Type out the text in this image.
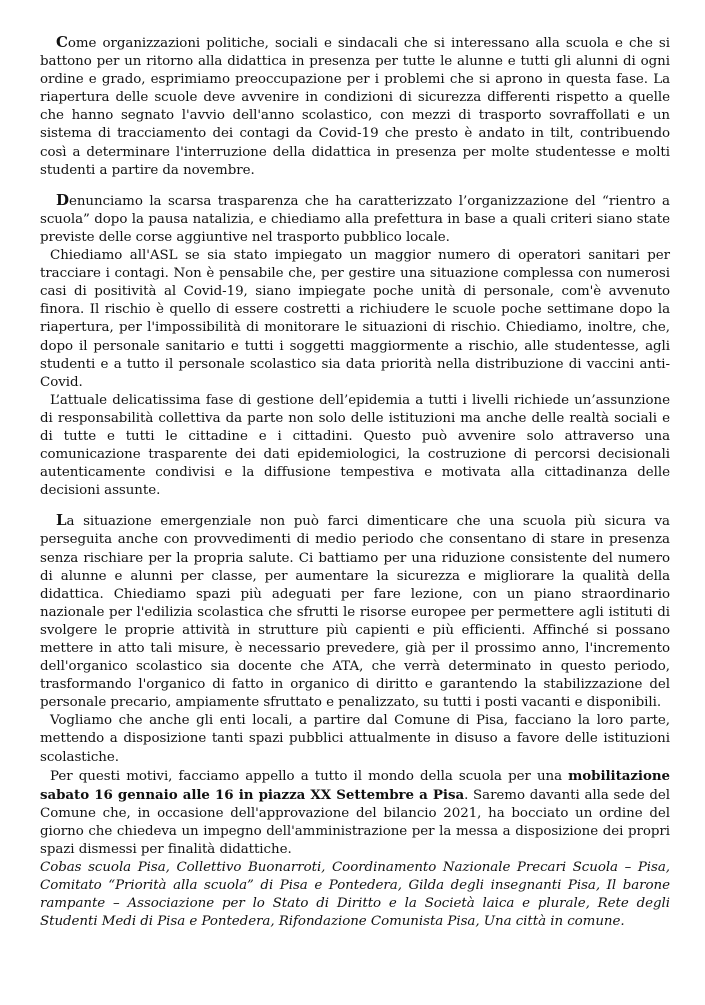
Come organizzazioni politiche, sociali e sindacali che si interessano alla scuola e che si battono per un ritorno alla didattica in presenza per tutte le alunne e tutti gli alunni di ogni ordine e grado, esprimiamo preoccupazione per i problemi che si aprono in questa fase. La riapertura delle scuole deve avvenire in condizioni di sicurezza differenti rispetto a quelle che hanno segnato l'avvio dell'anno scolastico, con mezzi di trasporto sovraffollati e un sistema di tracciamento dei contagi da Covid-19 che presto è andato in tilt, contribuendo così a determinare l'interruzione della didattica in presenza per molte studentesse e molti studenti a partire da novembre.

Denunciamo la scarsa trasparenza che ha caratterizzato l’organizzazione del “rientro a scuola” dopo la pausa natalizia, e chiediamo alla prefettura in base a quali criteri siano state previste delle corse aggiuntive nel trasporto pubblico locale.

Chiediamo all'ASL se sia stato impiegato un maggior numero di operatori sanitari per tracciare i contagi. Non è pensabile che, per gestire una situazione complessa con numerosi casi di positività al Covid-19, siano impiegate poche unità di personale, com'è avvenuto finora. Il rischio è quello di essere costretti a richiudere le scuole poche settimane dopo la riapertura, per l'impossibilità di monitorare le situazioni di rischio. Chiediamo, inoltre, che, dopo il personale sanitario e tutti i soggetti maggiormente a rischio, alle studentesse, agli studenti e a tutto il personale scolastico sia data priorità nella distribuzione di vaccini anti-Covid.

L’attuale delicatissima fase di gestione dell’epidemia a tutti i livelli richiede un’assunzione di responsabilità collettiva da parte non solo delle istituzioni ma anche delle realtà sociali e di tutte e tutti le cittadine e i cittadini. Questo può avvenire solo attraverso una comunicazione trasparente dei dati epidemiologici, la costruzione di percorsi decisionali autenticamente condivisi e la diffusione tempestiva e motivata alla cittadinanza delle decisioni assunte.

La situazione emergenziale non può farci dimenticare che una scuola più sicura va perseguita anche con provvedimenti di medio periodo che consentano di stare in presenza senza rischiare per la propria salute. Ci battiamo per una riduzione consistente del numero di alunne e alunni per classe, per aumentare la sicurezza e migliorare la qualità della didattica. Chiediamo spazi più adeguati per fare lezione, con un piano straordinario nazionale per l'edilizia scolastica che sfrutti le risorse europee per permettere agli istituti di svolgere le proprie attività in strutture più capienti e più efficienti. Affinché si possano mettere in atto tali misure, è necessario prevedere, già per il prossimo anno, l'incremento dell'organico scolastico sia docente che ATA, che verrà determinato in questo periodo, trasformando l'organico di fatto in organico di diritto e garantendo la stabilizzazione del personale precario, ampiamente sfruttato e penalizzato, su tutti i posti vacanti e disponibili.

Vogliamo che anche gli enti locali, a partire dal Comune di Pisa, facciano la loro parte, mettendo a disposizione tanti spazi pubblici attualmente in disuso a favore delle istituzioni scolastiche.

Per questi motivi, facciamo appello a tutto il mondo della scuola per una mobilitazione sabato 16 gennaio alle 16 in piazza XX Settembre a Pisa. Saremo davanti alla sede del Comune che, in occasione dell'approvazione del bilancio 2021, ha bocciato un ordine del giorno che chiedeva un impegno dell'amministrazione per la messa a disposizione dei propri spazi dismessi per finalità didattiche.

Cobas scuola Pisa, Collettivo Buonarroti, Coordinamento Nazionale Precari Scuola – Pisa, Comitato “Priorità alla scuola” di Pisa e Pontedera, Gilda degli insegnanti Pisa, Il barone rampante – Associazione per lo Stato di Diritto e la Società laica e plurale, Rete degli Studenti Medi di Pisa e Pontedera, Rifondazione Comunista Pisa, Una città in comune.
